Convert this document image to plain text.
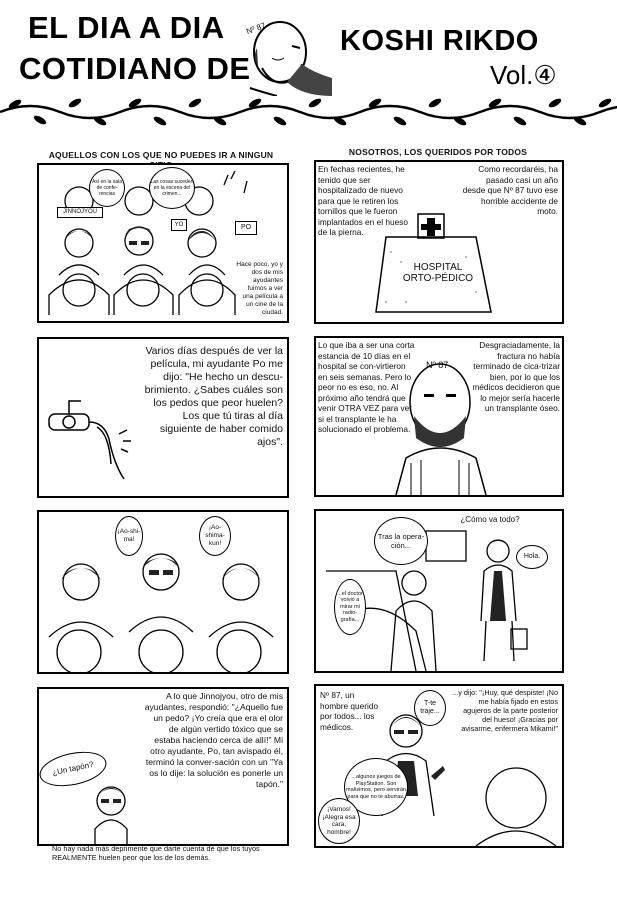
EL DIA A DIA
COTIDIANO DE
KOSHI RIKDO
Vol.④
Nº 87
AQUELLOS CON LOS QUE NO PUEDES IR A NINGUN	NOSOTROS, LOS QUERIDOS POR TODOS
Así en la sala de confe-rencias
Las cosas suceden en la escena del crimen...
JINNOJYOU
YO	PO
Hace poco, yo y dos de mis ayudantes fuimos a ver una película a un cine de la ciudad.
Varios días después de ver la película, mi ayudante Po me dijo: "He hecho un descu-brimiento. ¿Sabes cuáles son los pedos que peor huelen? Los que tú tiras al día siguiente de haber comido ajos".
¡Ao-shi-ma!
¡Ao-shima-kun!
A lo que Jinnojyou, otro de mis ayudantes, respondió: "¿Aquello fue un pedo? ¡Yo creía que era el olor de algún vertido tóxico que se estaba haciendo cerca de allí!" Mi otro ayudante, Po, tan avispado él, terminó la conver-sación con un "Ya os lo dije: la solución es ponerle un tapón."
¿Un tapón?
No hay nada más deprimente que darte cuenta de que los tuyos REALMENTE huelen peor que los de los demás.
HOSPITAL ORTO-PÉDICO
En fechas recientes, he tenido que ser hospitalizado de nuevo para que le retiren los tornillos que le fueron implantados en el hueso de la pierna.
Como recordaréis, ha pasado casi un año desde que Nº 87 tuvo ese horrible accidente de moto.
Nº 87
Lo que iba a ser una corta estancia de 10 días en el hospital se con-virtieron en seis semanas. Pero lo peor no es eso, no. Al próximo año tendrá que venir OTRA VEZ para ver si el transplante le ha solucionado el problema.
Desgraciadamente, la fractura no había terminado de cica-trizar bien, por lo que los médicos decidieron que lo mejor sería hacerle un transplante óseo.
Tras la opera-ción...
¿Cómo va todo?
Hola.
...el doctor volvió a mirar mi radio-grafía...
Nº 87, un hombre querido por todos... los médicos.
T-te traje...
...algunos juegos de PlayStation. Son malísimos, pero servirán para que no te aburras.
¡Vamos! ¡Alegra esa cara, hombre!
...y dijo: "¡Huy, qué despiste! ¡No me había fijado en estos agujeros de la parte posterior del hueso! ¡Gracias por avisarme, enfermera Mikami!"
